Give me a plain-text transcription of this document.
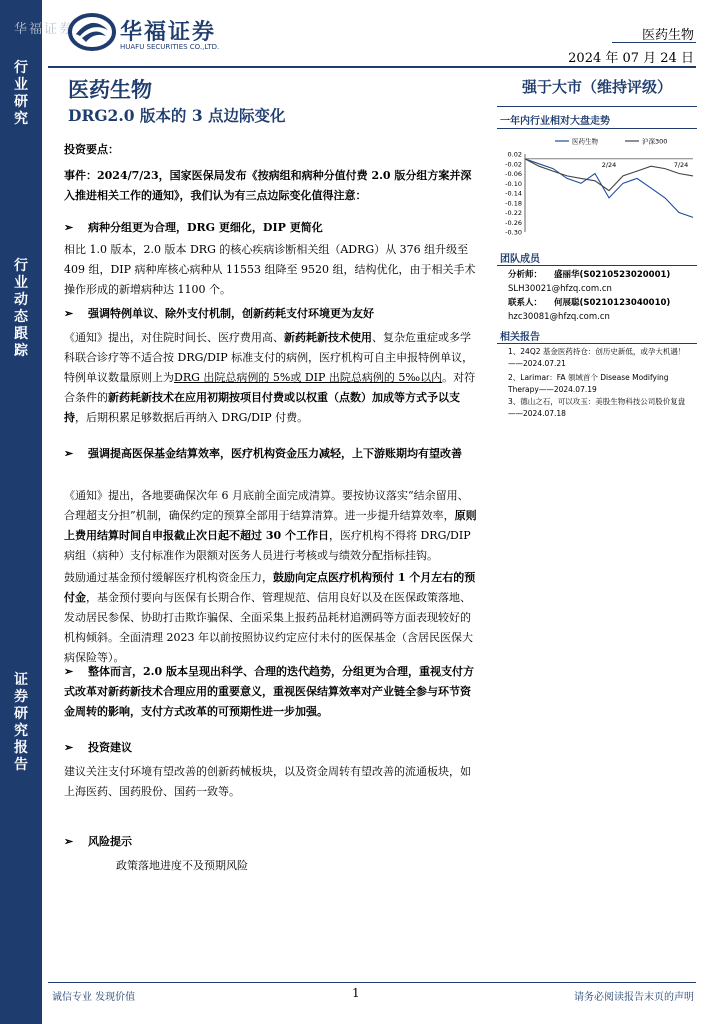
行
业
研
究
行
业
动
态
跟
踪
证
券
研
究
报
告
华福证券 华福证券
HUAFU SECURITIES CO.,LTD.
医药生物
2024 年 07 月 24 日
医药生物
DRG2.0 版本的 3 点边际变化
投资要点：
事件：2024/7/23，国家医保局发布《按病组和病种分值付费 2.0 版分组方案并深入推进相关工作的通知》，我们认为有三点边际变化值得注意：
➢ 病种分组更为合理，DRG 更细化，DIP 更简化
相比 1.0 版本，2.0 版本 DRG 的核心疾病诊断相关组（ADRG）从 376 组升级至 409 组，DIP 病种库核心病种从 11553 组降至 9520 组，结构优化，由于相关手术操作形成的新增病种达 1100 个。
➢ 强调特例单议、除外支付机制，创新药耗支付环境更为友好
《通知》提出，对住院时间长、医疗费用高、新药耗新技术使用、复杂危重症或多学科联合诊疗等不适合按 DRG/DIP 标准支付的病例，医疗机构可自主申报特例单议，特例单议数量原则上为DRG 出院总病例的 5%或 DIP 出院总病例的 5‰以内。对符合条件的新药耗新技术在应用初期按项目付费或以权重（点数）加成等方式予以支持，后期积累足够数据后再纳入 DRG/DIP 付费。
➢ 强调提高医保基金结算效率，医疗机构资金压力减轻，上下游账期均有望改善
《通知》提出，各地要确保次年 6 月底前全面完成清算。要按协议落实“结余留用、合理超支分担”机制，确保约定的预算全部用于结算清算。进一步提升结算效率，原则上费用结算时间自申报截止次日起不超过 30 个工作日，医疗机构不得将 DRG/DIP 病组（病种）支付标准作为限额对医务人员进行考核或与绩效分配指标挂钩。
鼓励通过基金预付缓解医疗机构资金压力，鼓励向定点医疗机构预付 1 个月左右的预付金，基金预付要向与医保有长期合作、管理规范、信用良好以及在医保政策落地、发动居民参保、协助打击欺诈骗保、全面采集上报药品耗材追溯码等方面表现较好的机构倾斜。全面清理 2023 年以前按照协议约定应付未付的医保基金（含居民医保大病保险等）。
➢ 整体而言，2.0 版本呈现出科学、合理的迭代趋势，分组更为合理，重视支付方式改革对新药新技术合理应用的重要意义，重视医保结算效率对产业链全参与环节资金周转的影响，支付方式改革的可预期性进一步加强。
➢ 投资建议
建议关注支付环境有望改善的创新药械板块，以及资金周转有望改善的流通板块，如上海医药、国药股份、国药一致等。
➢ 风险提示
政策落地进度不及预期风险
强于大市（维持评级）
一年内行业相对大盘走势
0.02
-0.02
-0.06
-0.10
-0.14
-0.18
-0.22
-0.26
-0.30
2/24	7/24
医药生物	沪深300
团队成员
分析师： 盛丽华(S0210523020001)
SLH30021@hfzq.com.cn
联系人： 何展聪(S0210123040010)
hzc30081@hfzq.com.cn
相关报告
1、24Q2 基金医药持仓：创历史新低，或孕大机遇！——2024.07.21
2、Larimar：FA 領域首个 Disease Modifying Therapy——2024.07.19
3、德山之石，可以攻玉：美股生物科技公司股价复盘——2024.07.18
诚信专业 发现价值	1	请务必阅读报告末页的声明
